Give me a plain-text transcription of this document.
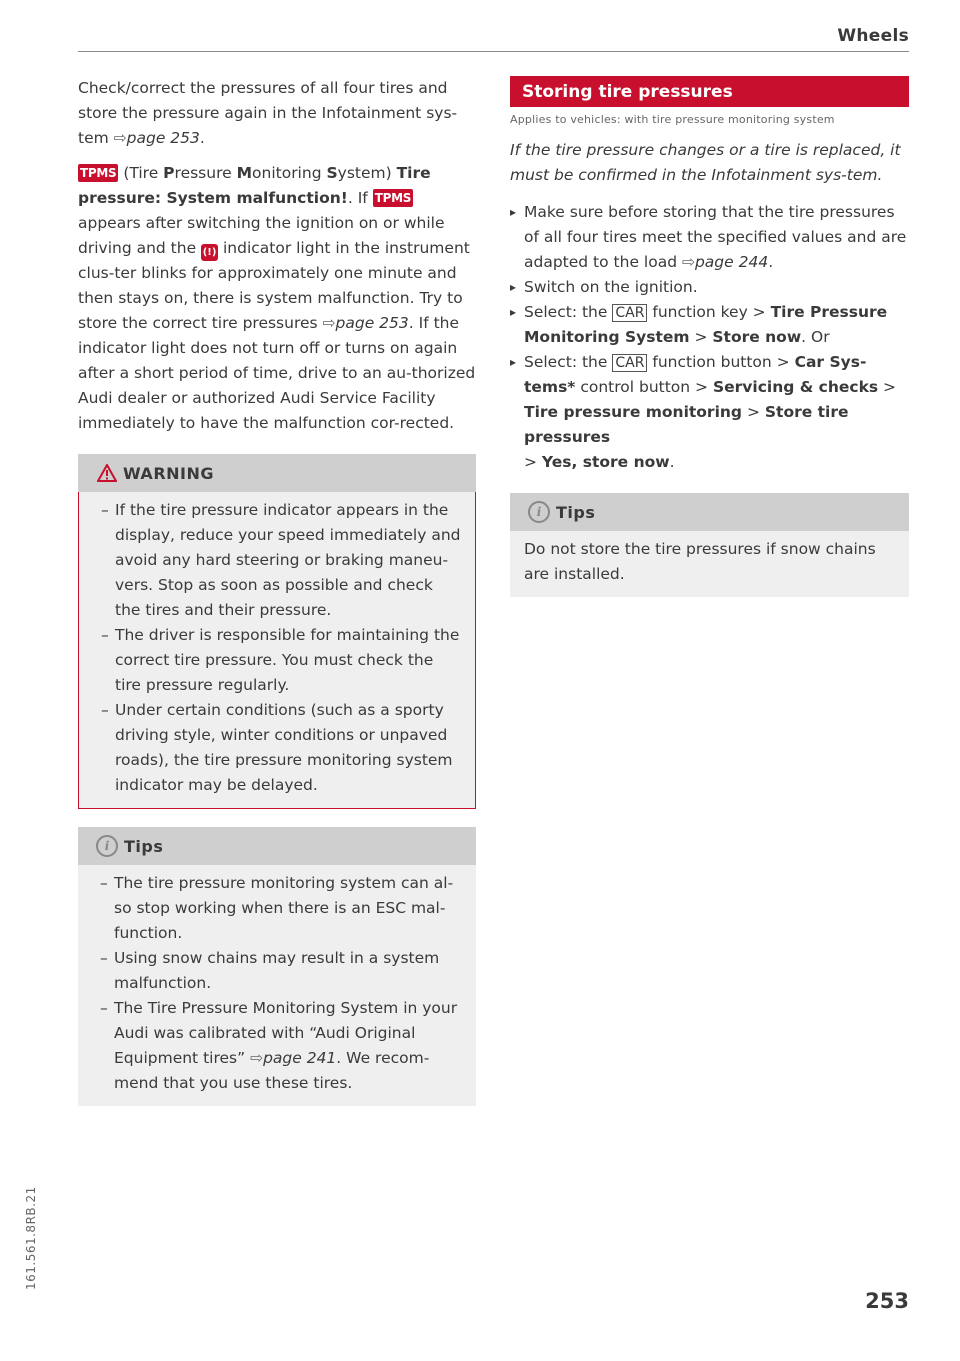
Wheels

Check/correct the pressures of all four tires and store the pressure again in the Infotainment sys-tem ⇨page 253.

TPMS (Tire Pressure Monitoring System) Tire pressure: System malfunction!. If TPMS appears after switching the ignition on or while driving and the (!) indicator light in the instrument clus-ter blinks for approximately one minute and then stays on, there is system malfunction. Try to store the correct tire pressures ⇨page 253. If the indicator light does not turn off or turns on again after a short period of time, drive to an au-thorized Audi dealer or authorized Audi Service Facility immediately to have the malfunction cor-rected.

WARNING
– If the tire pressure indicator appears in the display, reduce your speed immediately and avoid any hard steering or braking maneu-vers. Stop as soon as possible and check the tires and their pressure.
– The driver is responsible for maintaining the correct tire pressure. You must check the tire pressure regularly.
– Under certain conditions (such as a sporty driving style, winter conditions or unpaved roads), the tire pressure monitoring system indicator may be delayed.
i Tips
– The tire pressure monitoring system can al-so stop working when there is an ESC mal-function.
– Using snow chains may result in a system malfunction.
– The Tire Pressure Monitoring System in your Audi was calibrated with “Audi Original Equipment tires” ⇨page 241. We recom-mend that you use these tires.
Storing tire pressures
Applies to vehicles: with tire pressure monitoring system

If the tire pressure changes or a tire is replaced, it must be confirmed in the Infotainment sys-tem.

▸ Make sure before storing that the tire pressures of all four tires meet the specified values and are adapted to the load ⇨page 244.
▸ Switch on the ignition.
▸ Select: the CAR function key > Tire Pressure Monitoring System > Store now. Or
▸ Select: the CAR function button > Car Sys-tems* control button > Servicing & checks > Tire pressure monitoring > Store tire pressures
> Yes, store now.
i Tips

Do not store the tire pressures if snow chains are installed.

253
161.561.8RB.21
